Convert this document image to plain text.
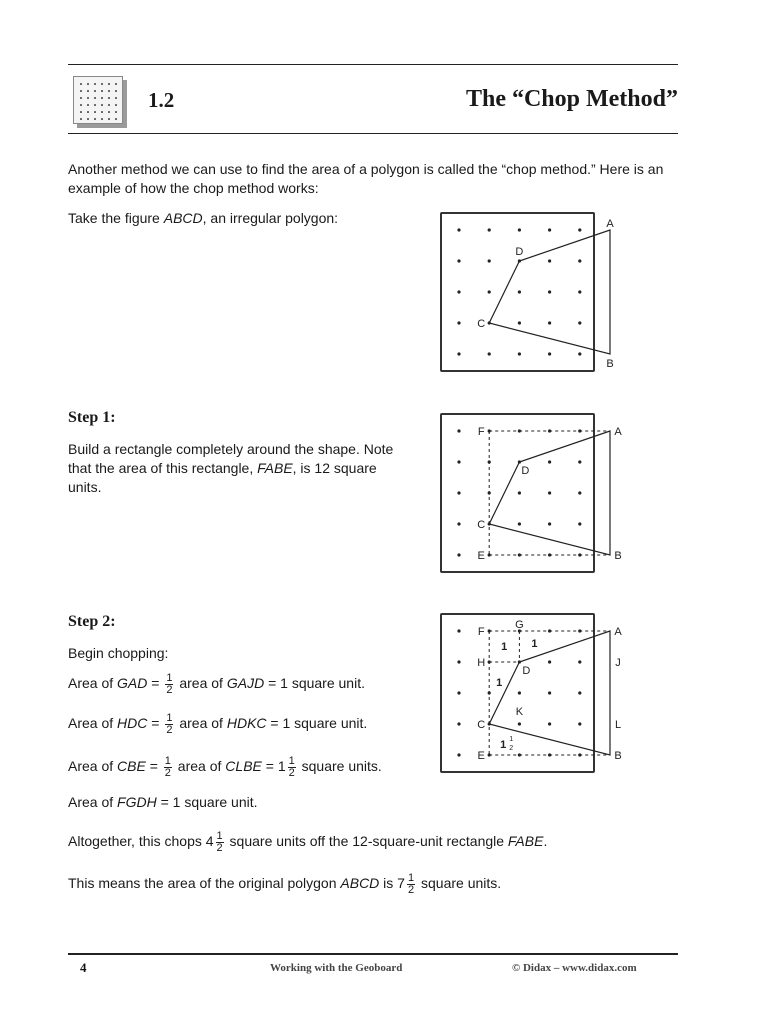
1.2	The “Chop Method”

Another method we can use to find the area of a polygon is called the “chop method.” Here is an example of how the chop method works:

Take the figure ABCD, an irregular polygon:	A
B
C
D
Step 1:

Build a rectangle completely around the shape. Note that the area of this rectangle, FABE, is 12 square units.

A
B
C
D
E
F
Step 2:

Begin chopping:

Area of GAD = $\frac{1}{2}$ area of GAJD = 1 square unit.

Area of HDC = $\frac{1}{2}$ area of HDKC = 1 square unit.

Area of CBE = $\frac{1}{2}$ area of CLBE = $1 \frac{1}{2}$ square units.

Area of FGDH = 1 square unit.

A
B
C
D
E
F
G
H	J
K
L
1 1
1
1 1
2

Altogether, this chops $4 \frac{1}{2}$ square units off the 12-square-unit rectangle FABE.

This means the area of the original polygon ABCD is $7 \frac{1}{2}$ square units.

4	Working with the Geoboard	© Didax – www.didax.com
